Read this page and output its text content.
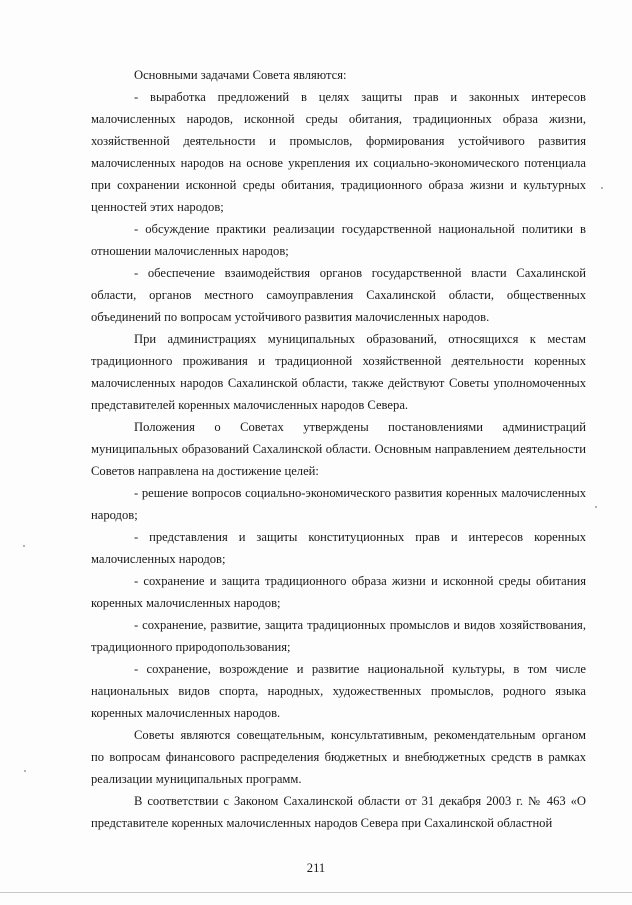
Основными задачами Совета являются:

- выработка предложений в целях защиты прав и законных интересов малочисленных народов, исконной среды обитания, традиционных образа жизни, хозяйственной деятельности и промыслов, формирования устойчивого развития малочисленных народов на основе укрепления их социально-экономического потенциала при сохранении исконной среды обитания, традиционного образа жизни и культурных ценностей этих народов;

- обсуждение практики реализации государственной национальной политики в отношении малочисленных народов;

- обеспечение взаимодействия органов государственной власти Сахалинской области, органов местного самоуправления Сахалинской области, общественных объединений по вопросам устойчивого развития малочисленных народов.

При администрациях муниципальных образований, относящихся к местам традиционного проживания и традиционной хозяйственной деятельности коренных малочисленных народов Сахалинской области, также действуют Советы уполномоченных представителей коренных малочисленных народов Севера.

Положения о Советах утверждены постановлениями администраций муниципальных образований Сахалинской области. Основным направлением деятельности Советов направлена на достижение целей:

- решение вопросов социально-экономического развития коренных малочисленных народов;

- представления и защиты конституционных прав и интересов коренных малочисленных народов;

- сохранение и защита традиционного образа жизни и исконной среды обитания коренных малочисленных народов;

- сохранение, развитие, защита традиционных промыслов и видов хозяйствования, традиционного природопользования;

- сохранение, возрождение и развитие национальной культуры, в том числе национальных видов спорта, народных, художественных промыслов, родного языка коренных малочисленных народов.

Советы являются совещательным, консультативным, рекомендательным органом по вопросам финансового распределения бюджетных и внебюджетных средств в рамках реализации муниципальных программ.

В соответствии с Законом Сахалинской области от 31 декабря 2003 г. № 463 «О представителе коренных малочисленных народов Севера при Сахалинской областной

211
